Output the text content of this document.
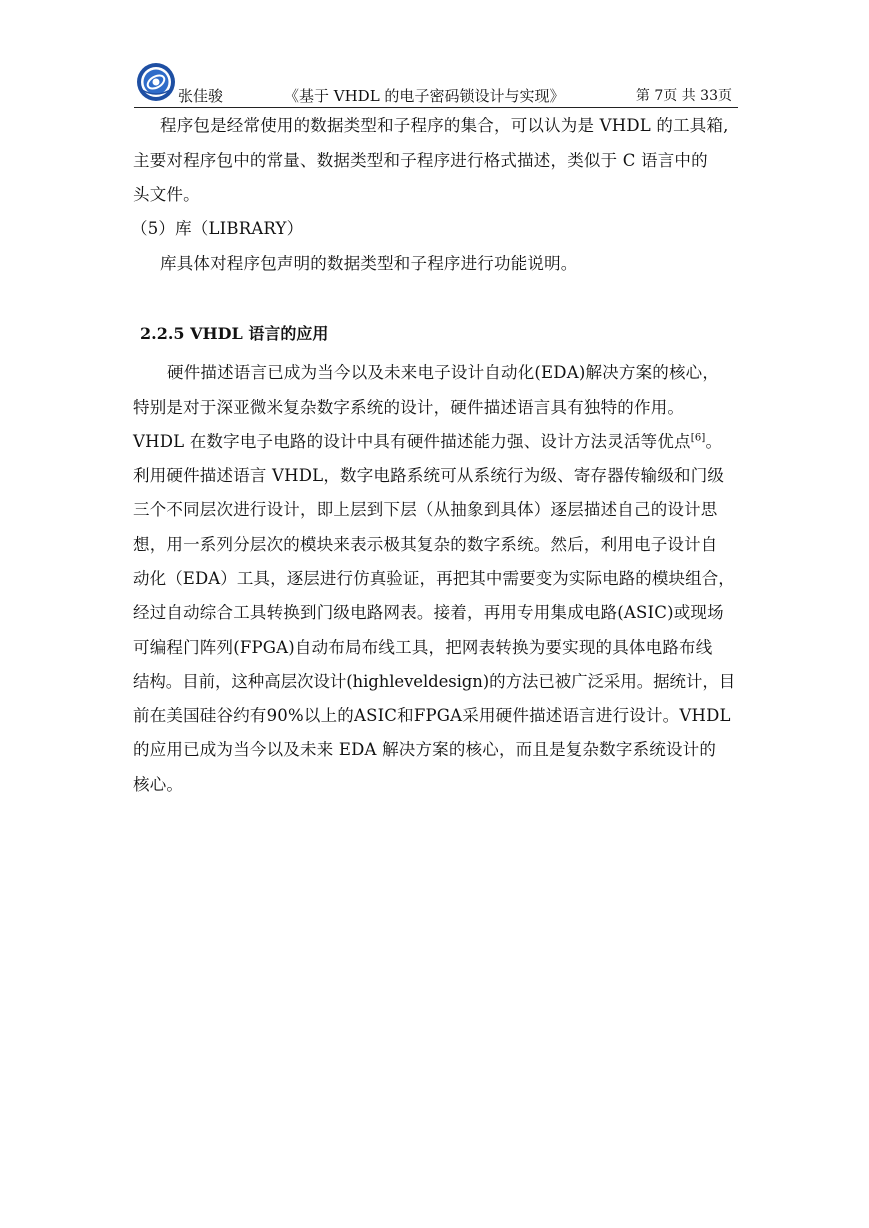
张佳骏	《基于 VHDL 的电子密码锁设计与实现》	第 7页 共 33页
程序包是经常使用的数据类型和子程序的集合，可以认为是 VHDL 的工具箱,
主要对程序包中的常量、数据类型和子程序进行格式描述，类似于 C 语言中的
头文件。
（5）库（LIBRARY）
库具体对程序包声明的数据类型和子程序进行功能说明。
2.2.5 VHDL 语言的应用
硬件描述语言已成为当今以及未来电子设计自动化(EDA)解决方案的核心，
特别是对于深亚微米复杂数字系统的设计，硬件描述语言具有独特的作用。
VHDL 在数字电子电路的设计中具有硬件描述能力强、设计方法灵活等优点[6]。
利用硬件描述语言 VHDL，数字电路系统可从系统行为级、寄存器传输级和门级
三个不同层次进行设计，即上层到下层（从抽象到具体）逐层描述自己的设计思
想，用一系列分层次的模块来表示极其复杂的数字系统。然后，利用电子设计自
动化（EDA）工具，逐层进行仿真验证，再把其中需要变为实际电路的模块组合，
经过自动综合工具转换到门级电路网表。接着，再用专用集成电路(ASIC)或现场
可编程门阵列(FPGA)自动布局布线工具，把网表转换为要实现的具体电路布线
结构。目前，这种高层次设计(highleveldesign)的方法已被广泛采用。据统计，目
前在美国硅谷约有90%以上的ASIC和FPGA采用硬件描述语言进行设计。VHDL
的应用已成为当今以及未来 EDA 解决方案的核心，而且是复杂数字系统设计的
核心。
